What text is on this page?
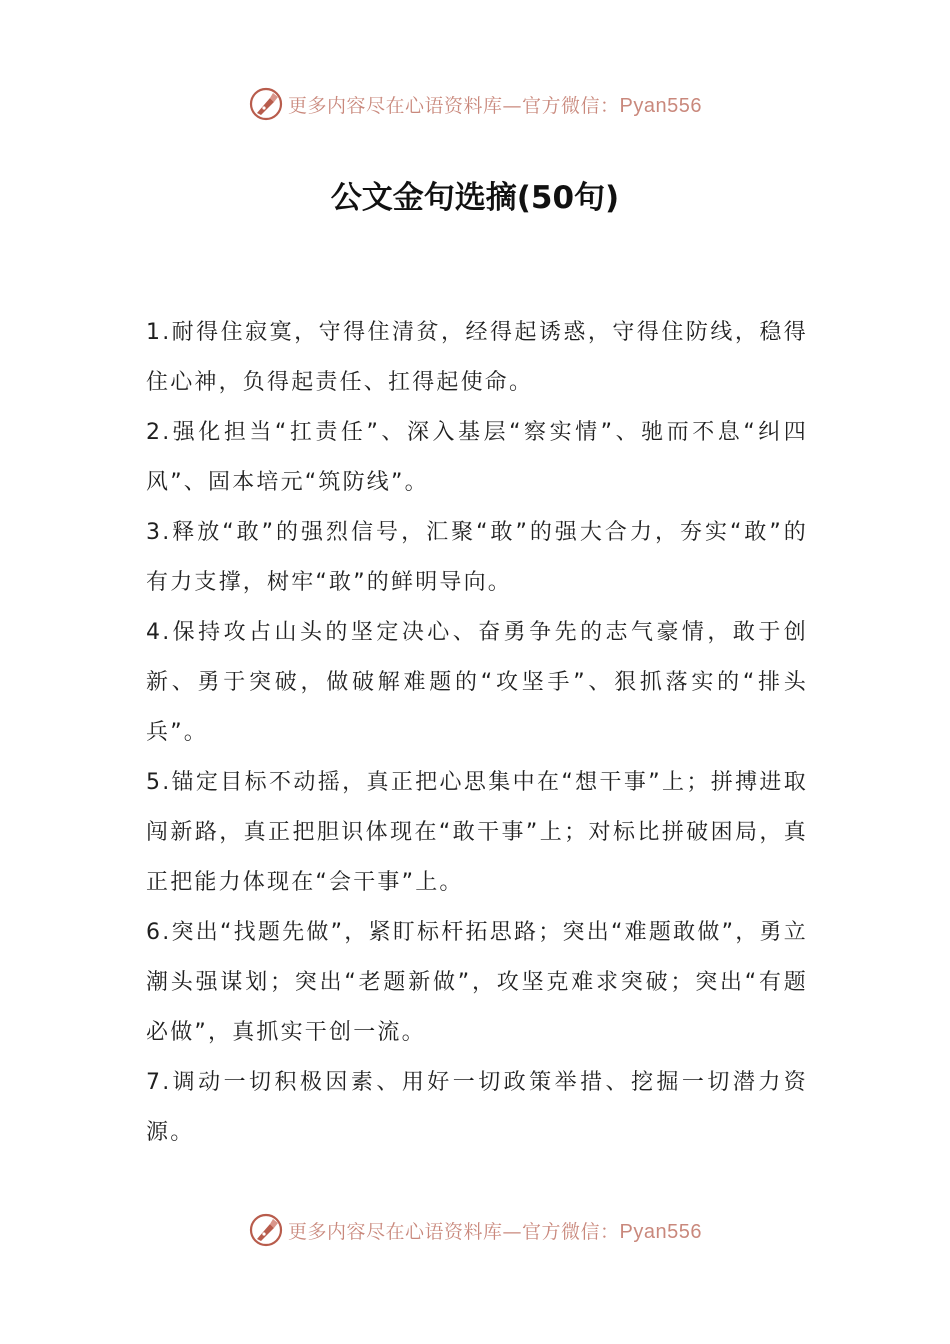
更多内容尽在心语资料库—官方微信：Pyan556
公文金句选摘(50句)

1.耐得住寂寞，守得住清贫，经得起诱惑，守得住防线，稳得住心神，负得起责任、扛得起使命。

2.强化担当“扛责任”、深入基层“察实情”、驰而不息“纠四风”、固本培元“筑防线”。

3.释放“敢”的强烈信号，汇聚“敢”的强大合力，夯实“敢”的有力支撑，树牢“敢”的鲜明导向。

4.保持攻占山头的坚定决心、奋勇争先的志气豪情，敢于创新、勇于突破，做破解难题的“攻坚手”、狠抓落实的“排头兵”。

5.锚定目标不动摇，真正把心思集中在“想干事”上；拼搏进取闯新路，真正把胆识体现在“敢干事”上；对标比拼破困局，真正把能力体现在“会干事”上。

6.突出“找题先做”，紧盯标杆拓思路；突出“难题敢做”，勇立潮头强谋划；突出“老题新做”，攻坚克难求突破；突出“有题必做”，真抓实干创一流。

7.调动一切积极因素、用好一切政策举措、挖掘一切潜力资源。

更多内容尽在心语资料库—官方微信：Pyan556
